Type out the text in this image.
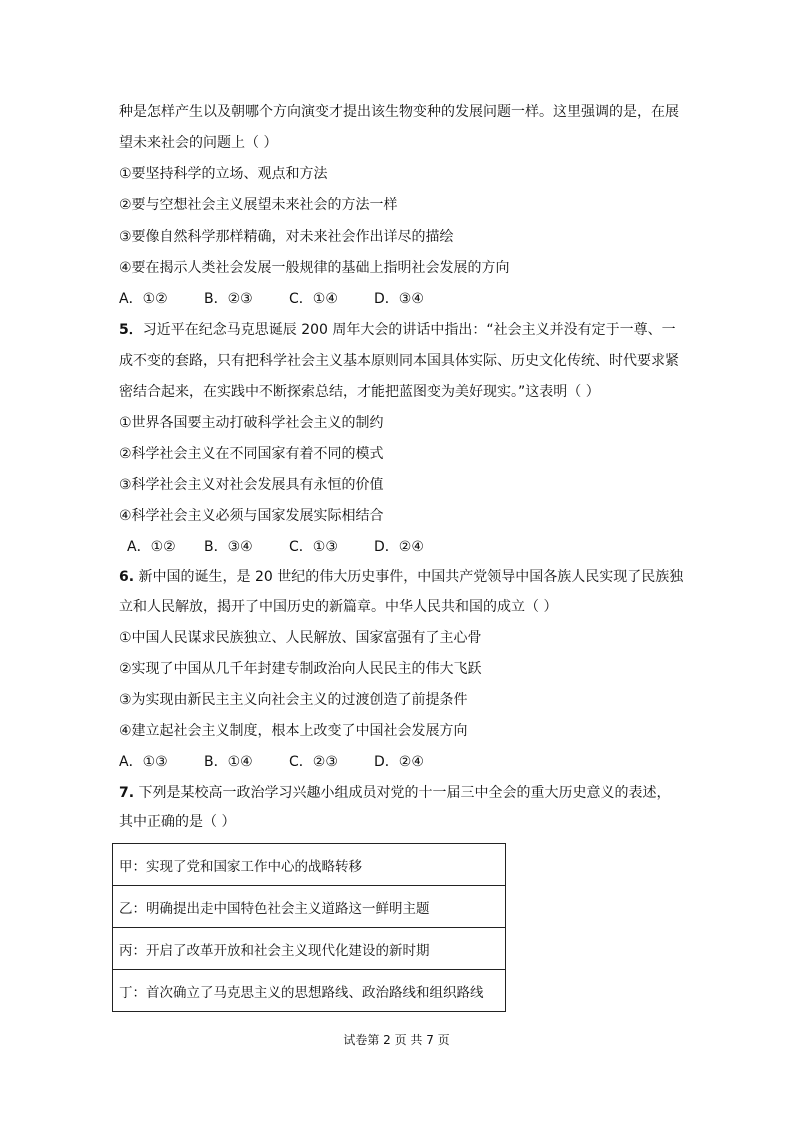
种是怎样产生以及朝哪个方向演变才提出该生物变种的发展问题一样。这里强调的是，在展
望未来社会的问题上（ ）
①要坚持科学的立场、观点和方法
②要与空想社会主义展望未来社会的方法一样
③要像自然科学那样精确，对未来社会作出详尽的描绘
④要在揭示人类社会发展一般规律的基础上指明社会发展的方向
A．①②	B．②③	C．①④	D．③④
5．习近平在纪念马克思诞辰 200 周年大会的讲话中指出：“社会主义并没有定于一尊、一
成不变的套路，只有把科学社会主义基本原则同本国具体实际、历史文化传统、时代要求紧
密结合起来，在实践中不断探索总结，才能把蓝图变为美好现实。”这表明（ ）
①世界各国要主动打破科学社会主义的制约
②科学社会主义在不同国家有着不同的模式
③科学社会主义对社会发展具有永恒的价值
④科学社会主义必须与国家发展实际相结合
A．①② B．③④	C．①③	D．②④
6. 新中国的诞生，是 20 世纪的伟大历史事件，中国共产党领导中国各族人民实现了民族独
立和人民解放，揭开了中国历史的新篇章。中华人民共和国的成立（ ）
①中国人民谋求民族独立、人民解放、国家富强有了主心骨
②实现了中国从几千年封建专制政治向人民民主的伟大飞跃
③为实现由新民主主义向社会主义的过渡创造了前提条件
④建立起社会主义制度，根本上改变了中国社会发展方向
A．①③	B．①④	C．②③	D．②④
7. 下列是某校高一政治学习兴趣小组成员对党的十一届三中全会的重大历史意义的表述，
其中正确的是（ ）
甲：实现了党和国家工作中心的战略转移
乙：明确提出走中国特色社会主义道路这一鲜明主题
丙：开启了改革开放和社会主义现代化建设的新时期
丁：首次确立了马克思主义的思想路线、政治路线和组织路线
试卷第 2 页 共 7 页
